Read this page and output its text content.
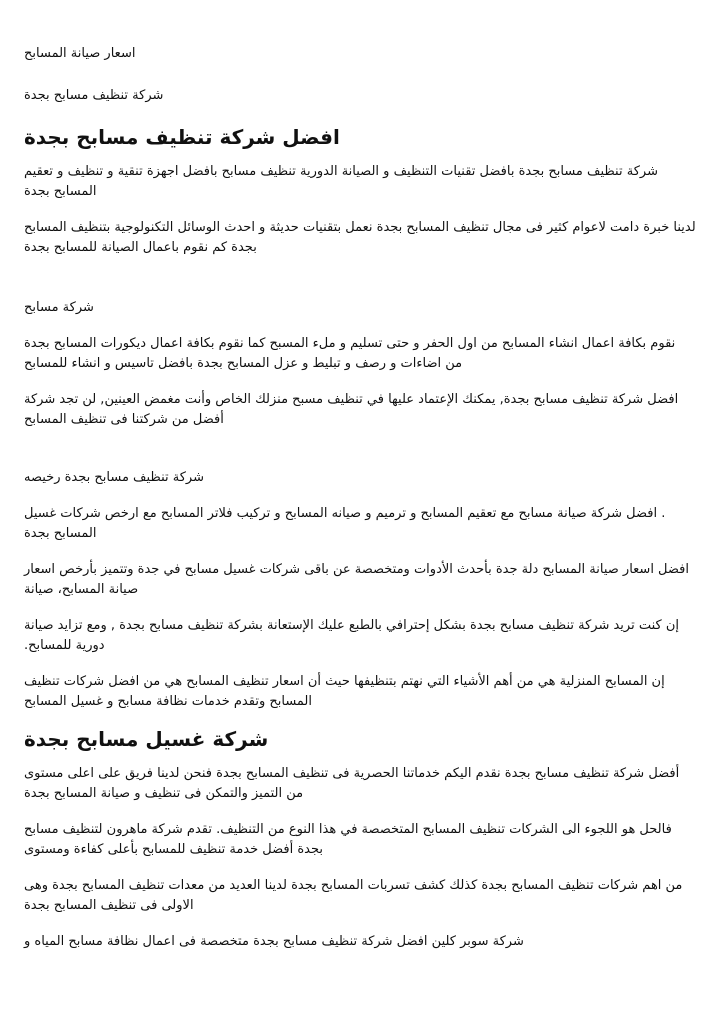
اسعار صيانة المسابح
شركة تنظيف مسابح بجدة
افضل شركة تنظيف مسابح بجدة

شركة تنظيف مسابح بجدة بافضل تقنيات التنظيف و الصيانة الدورية تنظيف مسابح بافضل اجهزة تنقية و تنظيف و تعقيم المسابح بجدة

لدينا خبرة دامت لاعوام كثير فى مجال تنظيف المسابح بجدة نعمل بتقنيات حديثة و احدث الوسائل التكنولوجية بتنظيف المسابح بجدة كم نقوم باعمال الصيانة للمسابح بجدة

شركة مسابح

نقوم بكافة اعمال انشاء المسابح من اول الحفر و حتى تسليم و ملء المسبح كما نقوم بكافة اعمال ديكورات المسابح بجدة من اضاءات و رصف و تبليط و عزل المسابح بجدة بافضل تاسيس و انشاء للمسابح

افضل شركة تنظيف مسابح بجدة, يمكنك الإعتماد عليها في تنظيف مسبح منزلك الخاص وأنت مغمض العينين, لن تجد شركة أفضل من شركتنا فى تنظيف المسابح

شركة تنظيف مسابح بجدة رخيصه

. افضل شركة صيانة مسابح مع تعقيم المسابح و ترميم و صيانه المسابح و تركيب فلاتر المسابح مع ارخص شركات غسيل المسابح بجدة

افضل اسعار صيانة المسابح دلة جدة بأحدث الأدوات ومتخصصة عن باقى شركات غسيل مسابح في جدة وتتميز بأرخص اسعار صيانة المسابح، صيانة

إن كنت تريد شركة تنظيف مسابح بجدة بشكل إحترافي بالطبع عليك الإستعانة بشركة تنظيف مسابح بجدة , ومع تزايد صيانة دورية للمسابح.

إن المسابح المنزلية هي من أهم الأشياء التي نهتم بتنظيفها حيث أن اسعار تنظيف المسابح هي من افضل شركات تنظيف المسابح وتقدم خدمات نظافة مسابح و غسيل المسابح

شركة غسيل مسابح بجدة

أفضل شركة تنظيف مسابح بجدة نقدم اليكم خدماتنا الحصرية فى تنظيف المسابح بجدة فنحن لدينا فريق على اعلى مستوى من التميز والتمكن فى تنظيف و صيانة المسابح بجدة

فالحل هو اللجوء الى الشركات تنظيف المسابح المتخصصة في هذا النوع من التنظيف. تقدم شركة ماهرون لتنظيف مسابح بجدة أفضل خدمة تنظيف للمسابح بأعلى كفاءة ومستوى

من اهم شركات تنظيف المسابح بجدة كذلك كشف تسربات المسابح بجدة لدينا العديد من معدات تنظيف المسابح بجدة وهى الاولى فى تنظيف المسابح بجدة

شركة سوبر كلين افضل شركة تنظيف مسابح بجدة متخصصة فى اعمال نظافة مسابح المياه و
